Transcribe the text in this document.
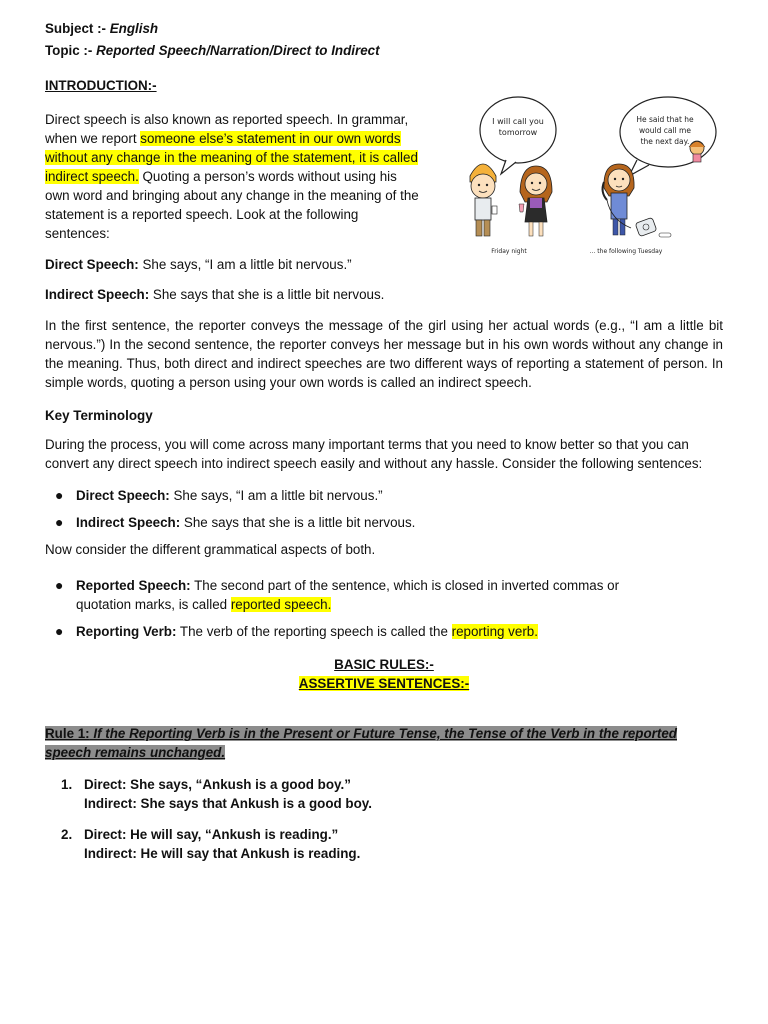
Subject :- English

Topic :- Reported Speech/Narration/Direct to Indirect

INTRODUCTION:-

Direct speech is also known as reported speech. In grammar, when we report someone else’s statement in our own words without any change in the meaning of the statement, it is called indirect speech. Quoting a person’s words without using his own word and bringing about any change in the meaning of the statement is a reported speech. Look at the following sentences:

Direct Speech: She says, “I am a little bit nervous.”

Indirect Speech: She says that she is a little bit nervous.

In the first sentence, the reporter conveys the message of the girl using her actual words (e.g., “I am a little bit nervous.”) In the second sentence, the reporter conveys her message but in his own words without any change in the meaning. Thus, both direct and indirect speeches are two different ways of reporting a statement of person. In simple words, quoting a person using your own words is called an indirect speech.

Key Terminology

During the process, you will come across many important terms that you need to know better so that you can convert any direct speech into indirect speech easily and without any hassle. Consider the following sentences:

● Direct Speech: She says, “I am a little bit nervous.”
● Indirect Speech: She says that she is a little bit nervous.

Now consider the different grammatical aspects of both.

● Reported Speech: The second part of the sentence, which is closed in inverted commas or quotation marks, is called reported speech.
● Reporting Verb: The verb of the reporting speech is called the reporting verb.

BASIC RULES:-

ASSERTIVE SENTENCES:-

Rule 1: If the Reporting Verb is in the Present or Future Tense, the Tense of the Verb in the reported speech remains unchanged.

1. Direct: She says, “Ankush is a good boy.”
Indirect: She says that Ankush is a good boy.
2. Direct: He will say, “Ankush is reading.”
Indirect: He will say that Ankush is reading.
I will call you
tomorrow
He said that he
would call me
the next day.
Friday night	... the following Tuesday
